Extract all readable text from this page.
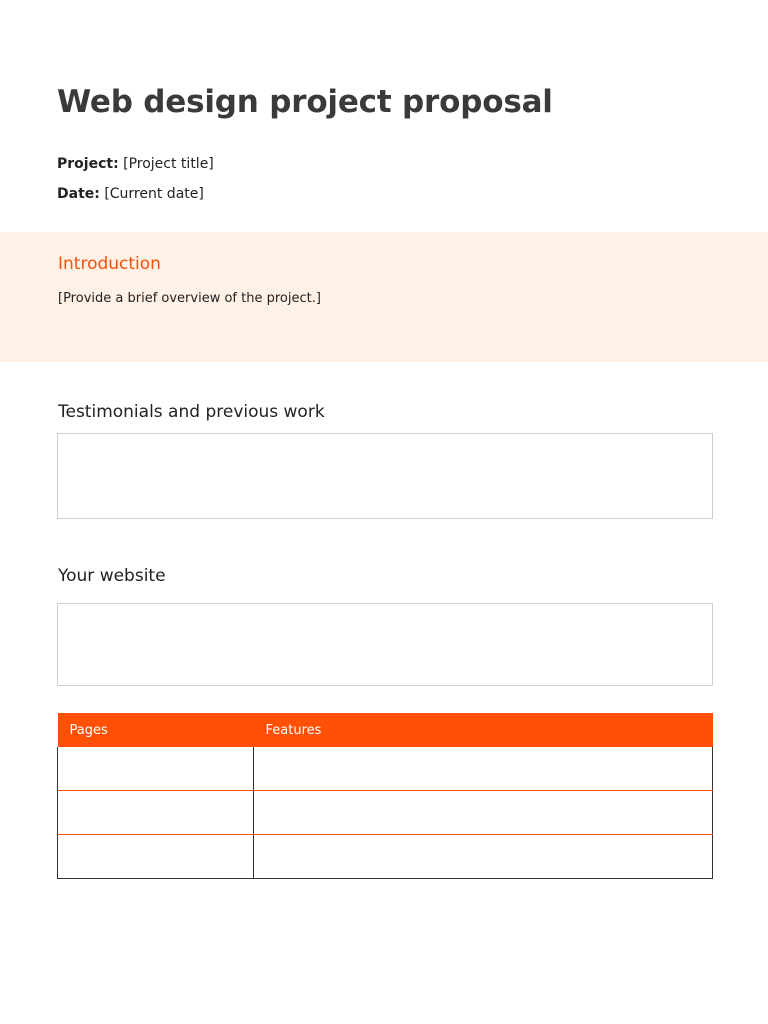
Web design project proposal
Project: [Project title]
Date: [Current date]
Introduction

[Provide a brief overview of the project.]

Testimonials and previous work
Your website
Pages	Features
